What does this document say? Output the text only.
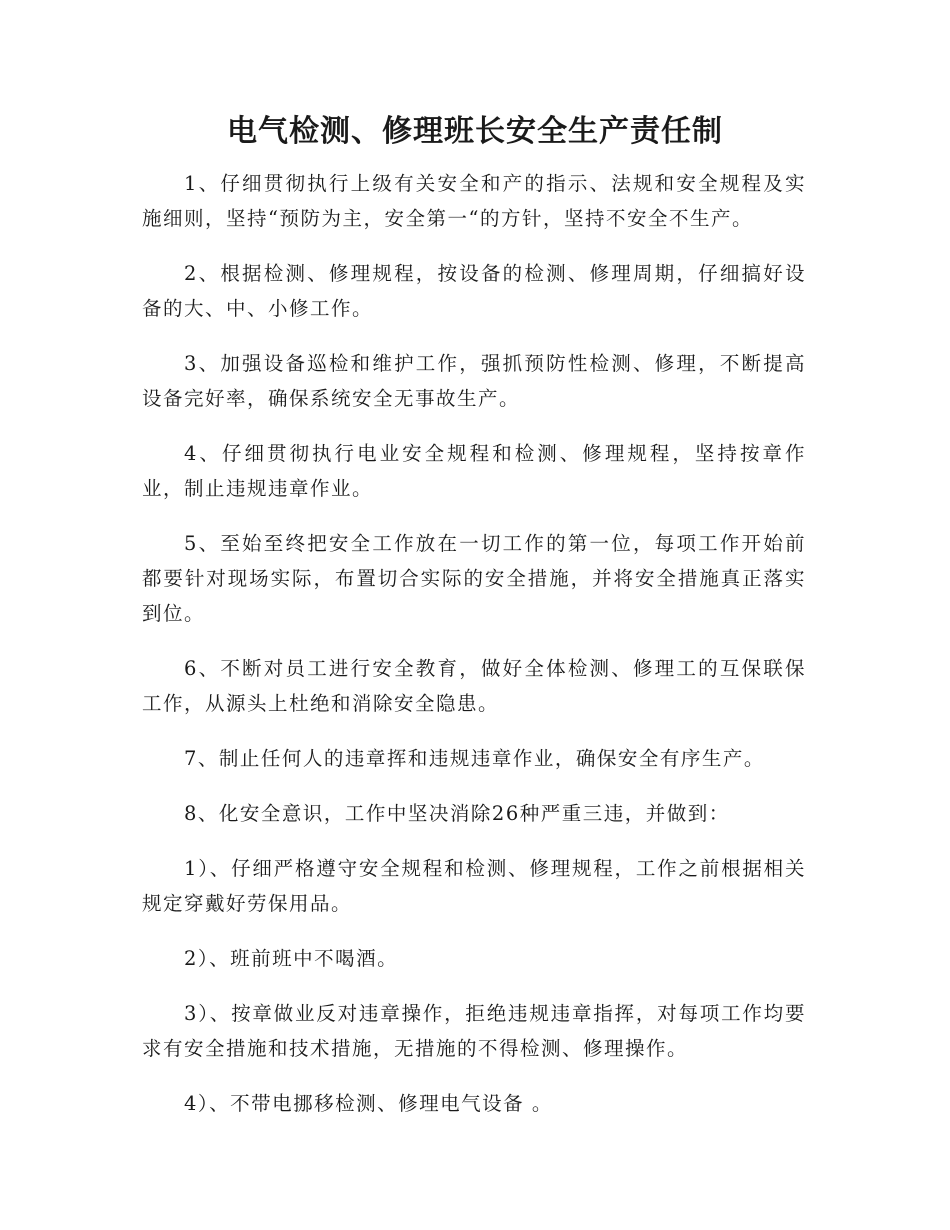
电气检测、修理班长安全生产责任制

1、仔细贯彻执行上级有关安全和产的指示、法规和安全规程及实施细则，坚持“预防为主，安全第一“的方针，坚持不安全不生产。

2、根据检测、修理规程，按设备的检测、修理周期，仔细搞好设备的大、中、小修工作。

3、加强设备巡检和维护工作，强抓预防性检测、修理，不断提高设备完好率，确保系统安全无事故生产。

4、仔细贯彻执行电业安全规程和检测、修理规程，坚持按章作业，制止违规违章作业。

5、至始至终把安全工作放在一切工作的第一位，每项工作开始前都要针对现场实际，布置切合实际的安全措施，并将安全措施真正落实到位。

6、不断对员工进行安全教育，做好全体检测、修理工的互保联保工作，从源头上杜绝和消除安全隐患。

7、制止任何人的违章挥和违规违章作业，确保安全有序生产。

8、化安全意识，工作中坚决消除26种严重三违，并做到：

1）、仔细严格遵守安全规程和检测、修理规程，工作之前根据相关规定穿戴好劳保用品。

2）、班前班中不喝酒。

3）、按章做业反对违章操作，拒绝违规违章指挥，对每项工作均要求有安全措施和技术措施，无措施的不得检测、修理操作。

4）、不带电挪移检测、修理电气设备 。
